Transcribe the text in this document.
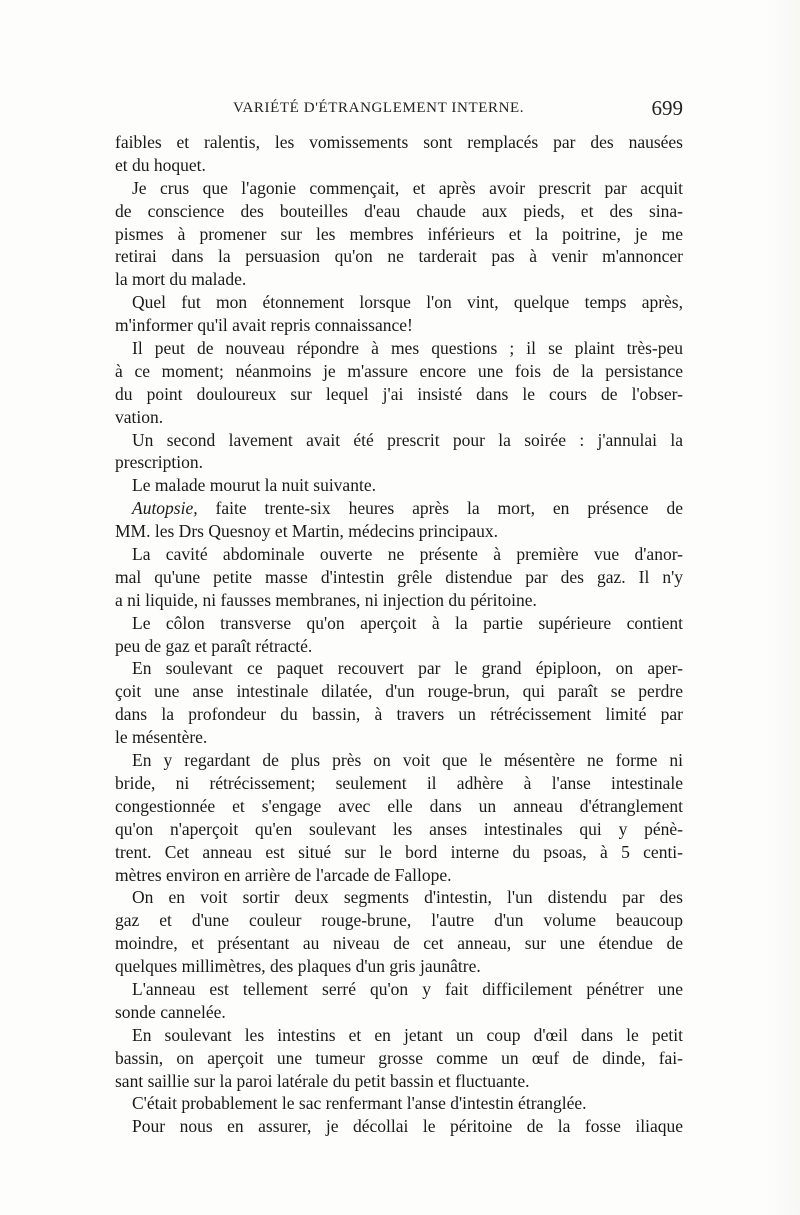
VARIÉTÉ D'ÉTRANGLEMENT INTERNE.	699
faibles et ralentis, les vomissements sont remplacés par des nausées
et du hoquet.
Je crus que l'agonie commençait, et après avoir prescrit par acquit
de conscience des bouteilles d'eau chaude aux pieds, et des sina-
pismes à promener sur les membres inférieurs et la poitrine, je me
retirai dans la persuasion qu'on ne tarderait pas à venir m'annoncer
la mort du malade.
Quel fut mon étonnement lorsque l'on vint, quelque temps après,
m'informer qu'il avait repris connaissance!
Il peut de nouveau répondre à mes questions ; il se plaint très-peu
à ce moment; néanmoins je m'assure encore une fois de la persistance
du point douloureux sur lequel j'ai insisté dans le cours de l'obser-
vation.
Un second lavement avait été prescrit pour la soirée : j'annulai la
prescription.
Le malade mourut la nuit suivante.
Autopsie, faite trente-six heures après la mort, en présence de
MM. les Drs Quesnoy et Martin, médecins principaux.
La cavité abdominale ouverte ne présente à première vue d'anor-
mal qu'une petite masse d'intestin grêle distendue par des gaz. Il n'y
a ni liquide, ni fausses membranes, ni injection du péritoine.
Le côlon transverse qu'on aperçoit à la partie supérieure contient
peu de gaz et paraît rétracté.
En soulevant ce paquet recouvert par le grand épiploon, on aper-
çoit une anse intestinale dilatée, d'un rouge-brun, qui paraît se perdre
dans la profondeur du bassin, à travers un rétrécissement limité par
le mésentère.
En y regardant de plus près on voit que le mésentère ne forme ni
bride, ni rétrécissement; seulement il adhère à l'anse intestinale
congestionnée et s'engage avec elle dans un anneau d'étranglement
qu'on n'aperçoit qu'en soulevant les anses intestinales qui y pénè-
trent. Cet anneau est situé sur le bord interne du psoas, à 5 centi-
mètres environ en arrière de l'arcade de Fallope.
On en voit sortir deux segments d'intestin, l'un distendu par des
gaz et d'une couleur rouge-brune, l'autre d'un volume beaucoup
moindre, et présentant au niveau de cet anneau, sur une étendue de
quelques millimètres, des plaques d'un gris jaunâtre.
L'anneau est tellement serré qu'on y fait difficilement pénétrer une
sonde cannelée.
En soulevant les intestins et en jetant un coup d'œil dans le petit
bassin, on aperçoit une tumeur grosse comme un œuf de dinde, fai-
sant saillie sur la paroi latérale du petit bassin et fluctuante.
C'était probablement le sac renfermant l'anse d'intestin étranglée.
Pour nous en assurer, je décollai le péritoine de la fosse iliaque
